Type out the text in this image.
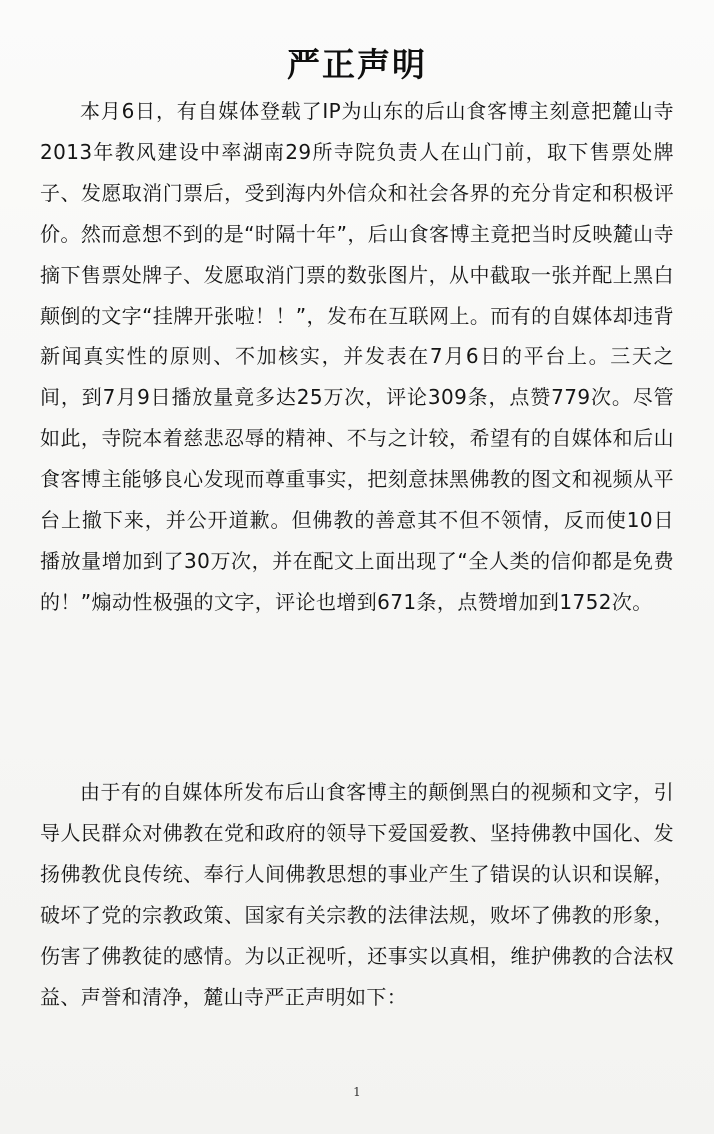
严正声明

本月6日，有自媒体登载了IP为山东的后山食客博主刻意把麓山寺2013年教风建设中率湖南29所寺院负责人在山门前，取下售票处牌子、发愿取消门票后，受到海内外信众和社会各界的充分肯定和积极评价。然而意想不到的是“时隔十年”，后山食客博主竟把当时反映麓山寺摘下售票处牌子、发愿取消门票的数张图片，从中截取一张并配上黑白颠倒的文字“挂牌开张啦！！”，发布在互联网上。而有的自媒体却违背新闻真实性的原则、不加核实，并发表在7月6日的平台上。三天之间，到7月9日播放量竟多达25万次，评论309条，点赞779次。尽管如此，寺院本着慈悲忍辱的精神、不与之计较，希望有的自媒体和后山食客博主能够良心发现而尊重事实，把刻意抹黑佛教的图文和视频从平台上撤下来，并公开道歉。但佛教的善意其不但不领情，反而使10日播放量增加到了30万次，并在配文上面出现了“全人类的信仰都是免费的！”煽动性极强的文字，评论也增到671条，点赞增加到1752次。

由于有的自媒体所发布后山食客博主的颠倒黑白的视频和文字，引导人民群众对佛教在党和政府的领导下爱国爱教、坚持佛教中国化、发扬佛教优良传统、奉行人间佛教思想的事业产生了错误的认识和误解，破坏了党的宗教政策、国家有关宗教的法律法规，败坏了佛教的形象，伤害了佛教徒的感情。为以正视听，还事实以真相，维护佛教的合法权益、声誉和清净，麓山寺严正声明如下：

1
